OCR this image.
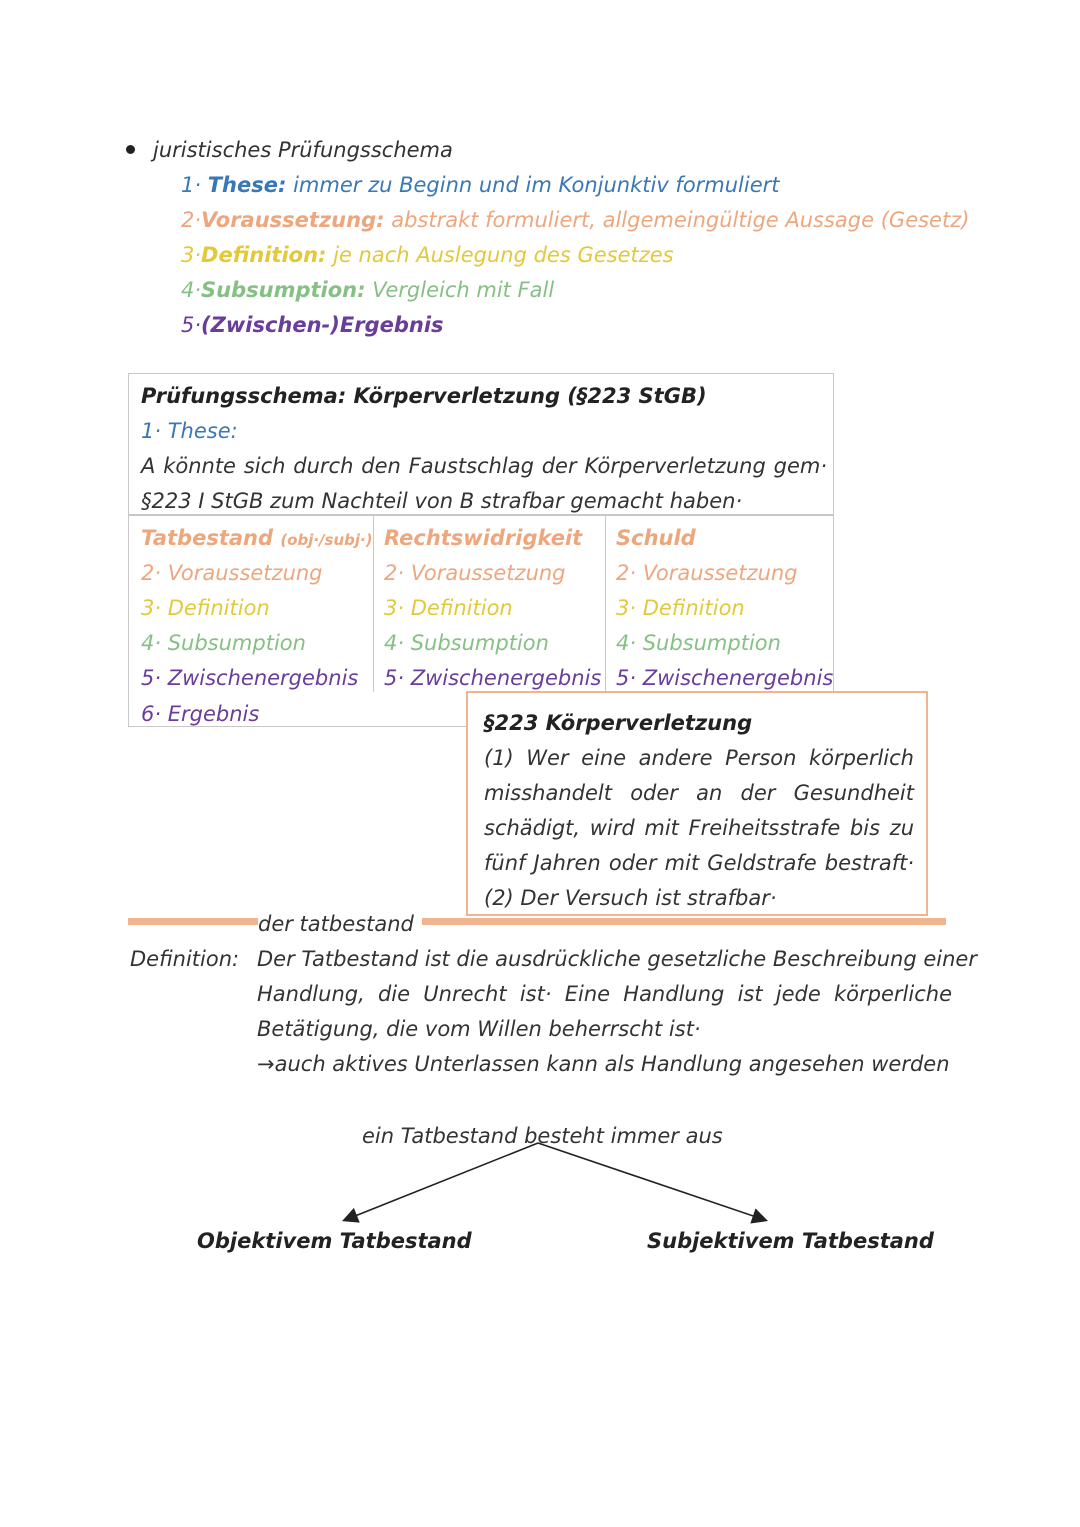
juristisches Prüfungsschema
1· These: immer zu Beginn und im Konjunktiv formuliert
2·Voraussetzung: abstrakt formuliert, allgemeingültige Aussage (Gesetz)
3·Definition: je nach Auslegung des Gesetzes
4·Subsumption: Vergleich mit Fall
5·(Zwischen-)Ergebnis
Prüfungsschema: Körperverletzung (§223 StGB)
1· These:
A könnte sich durch den Faustschlag der Körperverletzung gem·
§223 I StGB zum Nachteil von B strafbar gemacht haben·
Tatbestand (obj·/subj·)
2· Voraussetzung
3· Definition
4· Subsumption
5· Zwischenergebnis
Rechtswidrigkeit
2· Voraussetzung
3· Definition
4· Subsumption
5· Zwischenergebnis
Schuld
2· Voraussetzung
3· Definition
4· Subsumption
5· Zwischenergebnis
6· Ergebnis	§223 Körperverletzung
(1) Wer eine andere Person körperlich
misshandelt oder an der Gesundheit
schädigt, wird mit Freiheitsstrafe bis zu
fünf Jahren oder mit Geldstrafe bestraft·
(2) Der Versuch ist strafbar·
der tatbestand
Definition: Der Tatbestand ist die ausdrückliche gesetzliche Beschreibung einer
Handlung, die Unrecht ist· Eine Handlung ist jede körperliche
Betätigung, die vom Willen beherrscht ist·
→auch aktives Unterlassen kann als Handlung angesehen werden
ein Tatbestand besteht immer aus
Objektivem Tatbestand	Subjektivem Tatbestand
